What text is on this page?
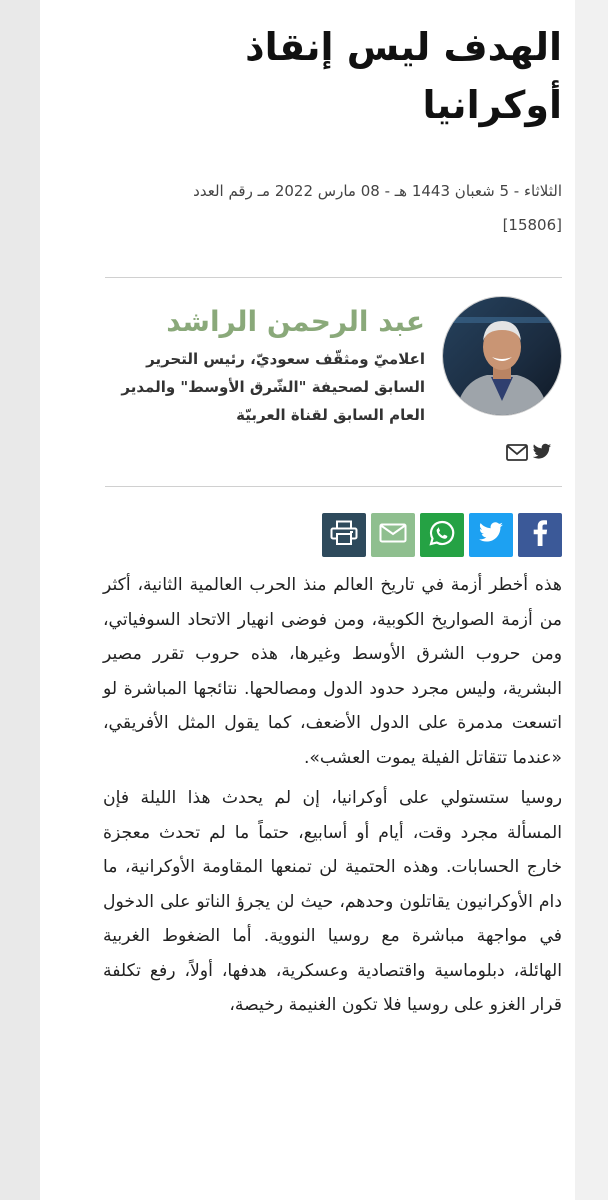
الهدف ليس إنقاذ
أوكرانيا
الثلاثاء - 5 شعبان 1443 هـ - 08 مارس 2022 مـ رقم العدد
[15806]
عبد الرحمن الراشد
اعلاميّ ومثقّف سعوديّ، رئيس التحرير السابق لصحيفة "الشّرق الأوسط" والمدير العام السابق لقناة العربيّة

هذه أخطر أزمة في تاريخ العالم منذ الحرب العالمية الثانية، أكثر من أزمة الصواريخ الكوبية، ومن فوضى انهيار الاتحاد السوفياتي، ومن حروب الشرق الأوسط وغيرها، هذه حروب تقرر مصير البشرية، وليس مجرد حدود الدول ومصالحها. نتائجها المباشرة لو اتسعت مدمرة على الدول الأضعف، كما يقول المثل الأفريقي، «عندما تتقاتل الفيلة يموت العشب».

روسيا ستستولي على أوكرانيا، إن لم يحدث هذا الليلة فإن المسألة مجرد وقت، أيام أو أسابيع، حتماً ما لم تحدث معجزة خارج الحسابات. وهذه الحتمية لن تمنعها المقاومة الأوكرانية، ما دام الأوكرانيون يقاتلون وحدهم، حيث لن يجرؤ الناتو على الدخول في مواجهة مباشرة مع روسيا النووية. أما الضغوط الغربية الهائلة، دبلوماسية واقتصادية وعسكرية، هدفها، أولاً، رفع تكلفة قرار الغزو على روسيا فلا تكون الغنيمة رخيصة،
